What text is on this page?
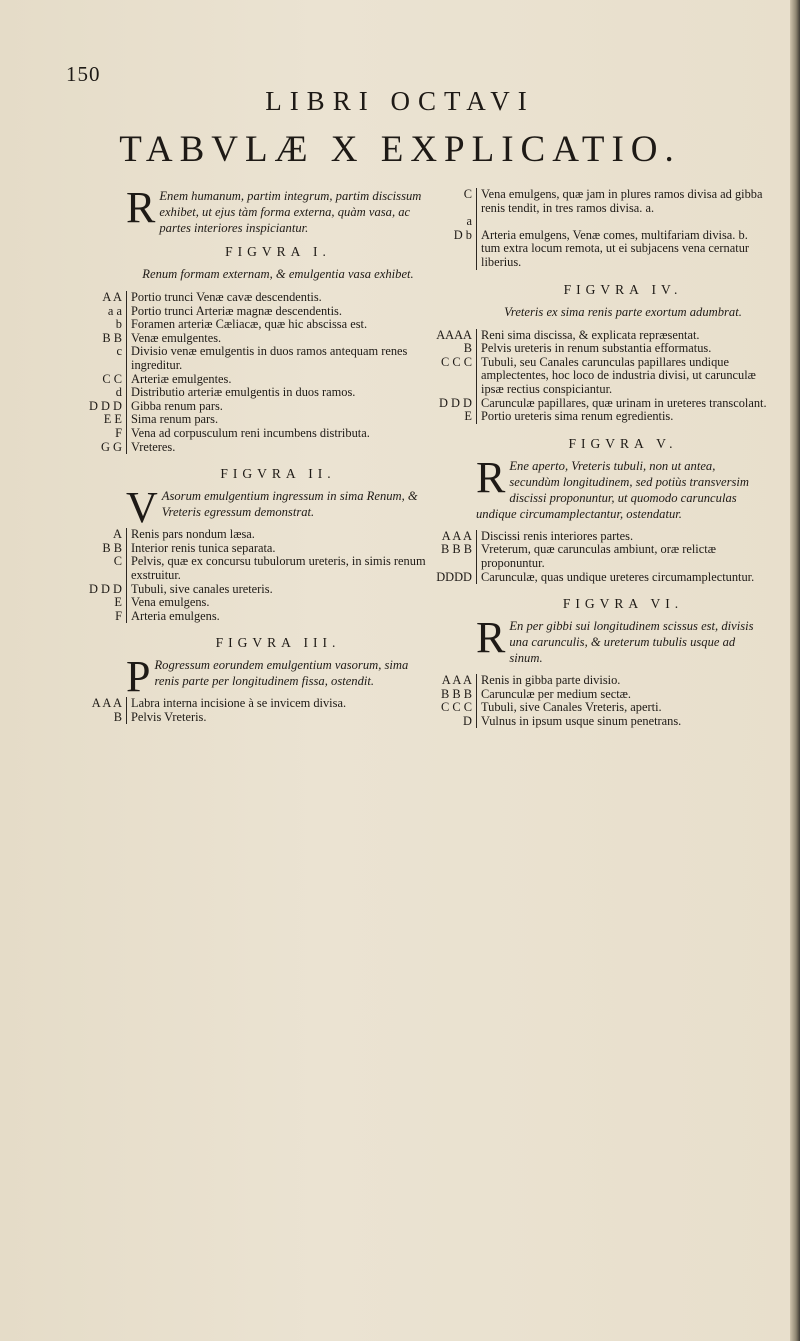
150
LIBRI OCTAVI
TABVLÆ X EXPLICATIO.
R Enem humanum, partim integrum, partim discissum exhibet, ut ejus tàm forma externa, quàm vasa, ac partes interiores inspiciantur.
FIGVRA I.
Renum formam externam, & emulgentia vasa exhibet.
A A Portio trunci Venæ cavæ descendentis.
a a Portio trunci Arteriæ magnæ descendentis.
b Foramen arteriæ Cæliacæ, quæ hic abscissa est.
B B Venæ emulgentes.
c Divisio venæ emulgentis in duos ramos antequam renes ingreditur.
C C Arteriæ emulgentes.
d Distributio arteriæ emulgentis in duos ramos.
D D D Gibba renum pars.
E E Sima renum pars.
F Vena ad corpusculum reni incumbens distributa.
G G Vreteres.
FIGVRA II.
V Asorum emulgentium ingressum in sima Renum, & Vreteris egressum demonstrat.
A Renis pars nondum læsa.
B B Interior renis tunica separata.
C Pelvis, quæ ex concursu tubulorum ureteris, in simis renum exstruitur.
D D D Tubuli, sive canales ureteris.
E Vena emulgens.
F Arteria emulgens.
FIGVRA III.
P Rogressum eorundem emulgentium vasorum, sima renis parte per longitudinem fissa, ostendit.
A A A Labra interna incisione à se invicem divisa.
B Pelvis Vreteris.
C Vena emulgens, quæ jam in plures ramos divisa ad gibba renis tendit, in tres ramos divisa. a.
a
D b Arteria emulgens, Venæ comes, multifariam divisa. b. tum extra locum remota, ut ei subjacens vena cernatur liberius.
FIGVRA IV.
Vreteris ex sima renis parte exortum adumbrat.
AAAA Reni sima discissa, & explicata repræsentat.
B Pelvis ureteris in renum substantia efformatus.
C C C Tubuli, seu Canales carunculas papillares undique amplectentes, hoc loco de industria divisi, ut carunculæ ipsæ rectius conspiciantur.
D D D Carunculæ papillares, quæ urinam in ureteres transcolant.
E Portio ureteris sima renum egredientis.
FIGVRA V.
R Ene aperto, Vreteris tubuli, non ut antea, secundùm longitudinem, sed potiùs transversim discissi proponuntur, ut quomodo carunculas undique circumamplectantur, ostendatur.
A A A Discissi renis interiores partes.
B B B Vreterum, quæ carunculas ambiunt, oræ relictæ proponuntur.
DDDD Carunculæ, quas undique ureteres circumamplectuntur.
FIGVRA VI.
R En per gibbi sui longitudinem scissus est, divisis una carunculis, & ureterum tubulis usque ad sinum.
A A A Renis in gibba parte divisio.
B B B Carunculæ per medium sectæ.
C C C Tubuli, sive Canales Vreteris, aperti.
D Vulnus in ipsum usque sinum penetrans.
